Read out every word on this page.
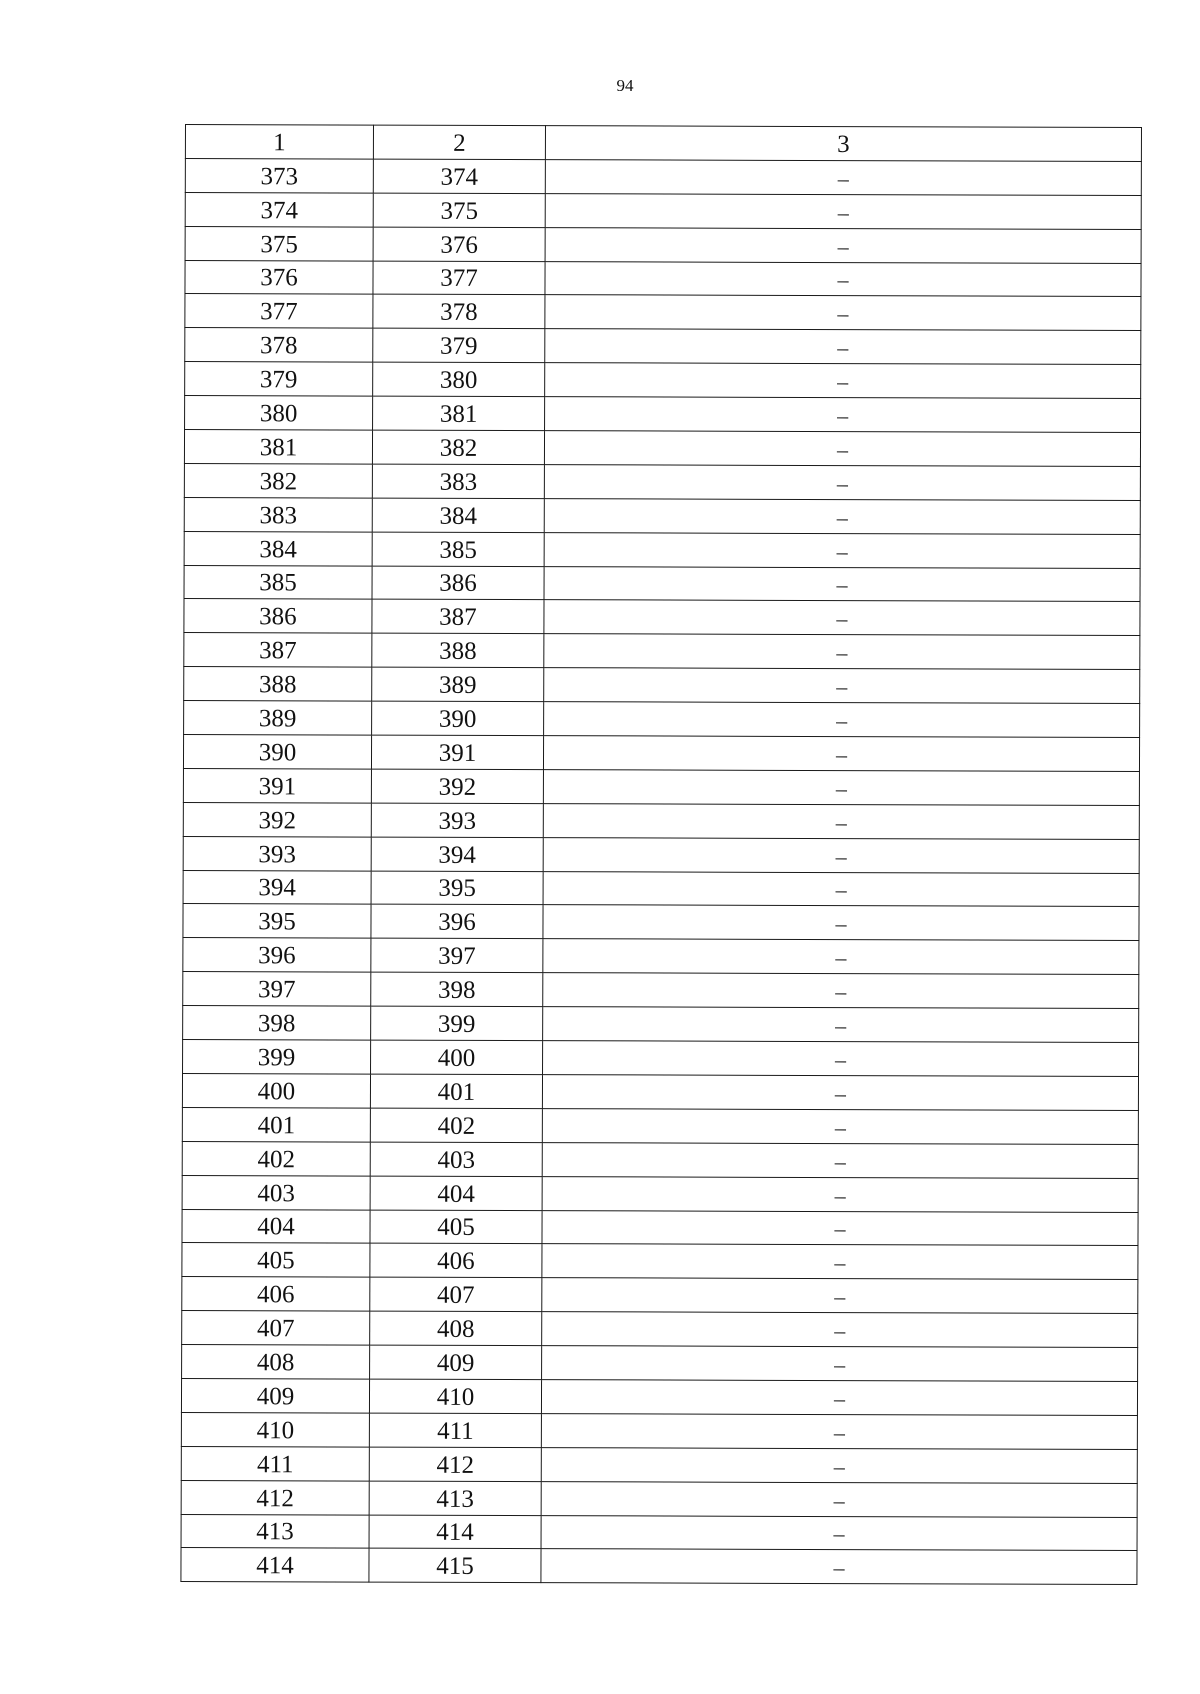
94
1	2	3
373	374	–
374	375	–
375	376	–
376	377	–
377	378	–
378	379	–
379	380	–
380	381	–
381	382	–
382	383	–
383	384	–
384	385	–
385	386	–
386	387	–
387	388	–
388	389	–
389	390	–
390	391	–
391	392	–
392	393	–
393	394	–
394	395	–
395	396	–
396	397	–
397	398	–
398	399	–
399	400	–
400	401	–
401	402	–
402	403	–
403	404	–
404	405	–
405	406	–
406	407	–
407	408	–
408	409	–
409	410	–
410	411	–
411	412	–
412	413	–
413	414	–
414	415	–
